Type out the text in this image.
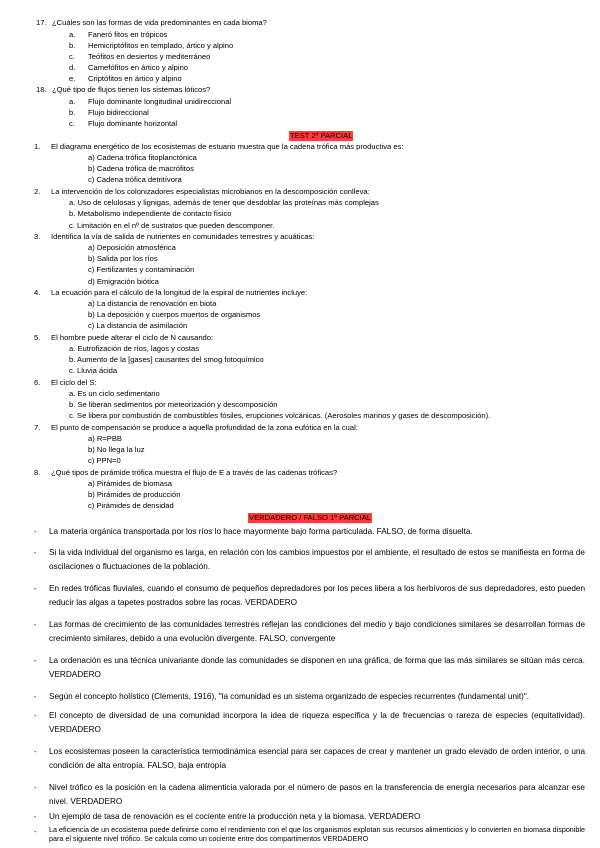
17. ¿Cuáles son las formas de vida predominantes en cada bioma?
a. Faneró fitos en trópicos
b. Hemicriptófitos en templado, ártico y alpino
c. Teófitos en desiertos y mediterráneo
d. Camefófitos en ártico y alpino
e. Criptófitos en ártico y alpino
18. ¿Qué tipo de flujos tienen los sistemas lóticos?
a. Flujo dominante longitudinal unidireccional
b. Flujo bidireccional
c. Flujo dominante horizontal
TEST 2º PARCIAL
1. El diagrama energético de los ecosistemas de estuario muestra que la cadena trófica más productiva es:
a) Cadena trófica fitoplanctónica
b) Cadena trófica de macrófitos
c) Cadena trófica detritívora
2. La intervención de los colonizadores especialistas microbianos en la descomposición conlleva:
a. Uso de celulosas y lignigas, además de tener que desdoblar las proteínas más complejas
b. Metabolismo independiente de contacto físico
c. Limitación en el nº de sustratos que pueden descomponer.
3. Identifica la vía de salida de nutrientes en comunidades terrestres y acuáticas:
a) Deposición atmosférica
b) Salida por los ríos
c) Fertilizantes y contaminación
d) Emigración biótica
4. La ecuación para el cálculo de la longitud de la espiral de nutrientes incluye:
a) La distancia de renovación en biota
b) La deposición y cuerpos muertos de organismos
c) La distancia de asimilación
5. El hombre puede alterar el ciclo de N causando:
a. Eutrofización de ríos, lagos y costas
b. Aumento de la [gases] causantes del smog fotoquímico
c. Lluvia ácida
6. El ciclo del S:
a. Es un ciclo sedimentario
b. Se liberan sedimentos por meteorización y descomposición
c. Se libera por combustión de combustibles fósiles, erupciones volcánicas. (Aerosoles marinos y gases de descomposición).
7. El punto de compensación se produce a aquella profundidad de la zona eufótica en la cual:
a) R=PBB
b) No llega la luz
c) PPN=0
8. ¿Qué tipos de pirámide trófica muestra el flujo de E a través de las cadenas tróficas?
a) Pirámides de biomasa
b) Pirámides de producción
c) Pirámides de densidad
VERDADERO / FALSO 1º PARCIAL
- La materia orgánica transportada por los ríos lo hace mayormente bajo forma particulada. FALSO, de forma disuelta.
- Si la vida individual del organismo es larga, en relación con los cambios impuestos por el ambiente, el resultado de estos se manifiesta en forma de oscilaciones o fluctuaciones de la población.
- En redes tróficas fluviales, cuando el consumo de pequeños depredadores por los peces libera a los herbívoros de sus depredadores, esto pueden reducir las algas a tapetes postrados sobre las rocas. VERDADERO
- Las formas de crecimiento de las comunidades terrestres reflejan las condiciones del medio y bajo condiciones similares se desarrollan formas de crecimiento similares, debido a una evolución divergente. FALSO, convergente
- La ordenación es una técnica univariante donde las comunidades se disponen en una gráfica, de forma que las más similares se sitúan más cerca. VERDADERO
- Según el concepto holístico (Clements, 1916), "la comunidad es un sistema organizado de especies recurrentes (fundamental unit)".
- El concepto de diversidad de una comunidad incorpora la idea de riqueza específica y la de frecuencias o rareza de especies (equitatividad). VERDADERO
- Los ecosistemas poseen la característica termodinámica esencial para ser capaces de crear y mantener un grado elevado de orden interior, o una condición de alta entropía. FALSO, baja entropía
- Nivel trófico es la posición en la cadena alimenticia valorada por el número de pasos en la transferencia de energía necesarios para alcanzar ese nivel. VERDADERO
- Un ejemplo de tasa de renovación es el cociente entre la producción neta y la biomasa. VERDADERO
- La eficiencia de un ecosistema puede definirse como el rendimiento con el que los organismos explotan sus recursos alimenticios y lo convierten en biomasa disponible para el siguiente nivel trófico. Se calcula como un cociente entre dos compartimentos VERDADERO
